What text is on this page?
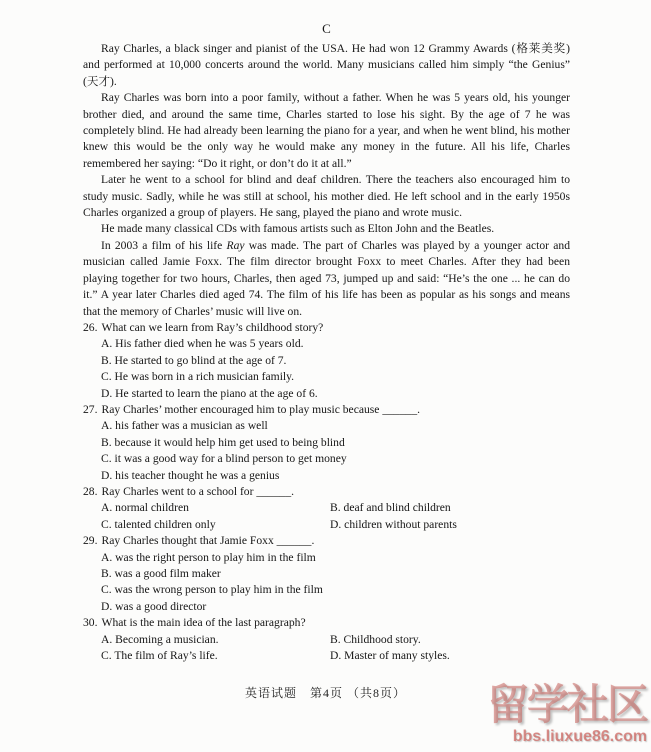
C

Ray Charles, a black singer and pianist of the USA. He had won 12 Grammy Awards (格莱美奖) and performed at 10,000 concerts around the world. Many musicians called him simply “the Genius” (天才).

Ray Charles was born into a poor family, without a father. When he was 5 years old, his younger brother died, and around the same time, Charles started to lose his sight. By the age of 7 he was completely blind. He had already been learning the piano for a year, and when he went blind, his mother knew this would be the only way he would make any money in the future. All his life, Charles remembered her saying: “Do it right, or don’t do it at all.”

Later he went to a school for blind and deaf children. There the teachers also encouraged him to study music. Sadly, while he was still at school, his mother died. He left school and in the early 1950s Charles organized a group of players. He sang, played the piano and wrote music.

He made many classical CDs with famous artists such as Elton John and the Beatles.

In 2003 a film of his life Ray was made. The part of Charles was played by a younger actor and musician called Jamie Foxx. The film director brought Foxx to meet Charles. After they had been playing together for two hours, Charles, then aged 73, jumped up and said: “He’s the one ... he can do it.” A year later Charles died aged 74. The film of his life has been as popular as his songs and means that the memory of Charles’ music will live on.

26. What can we learn from Ray’s childhood story?
A. His father died when he was 5 years old.
B. He started to go blind at the age of 7.
C. He was born in a rich musician family.
D. He started to learn the piano at the age of 6.
27. Ray Charles’ mother encouraged him to play music because ______.
A. his father was a musician as well
B. because it would help him get used to being blind
C. it was a good way for a blind person to get money
D. his teacher thought he was a genius
28. Ray Charles went to a school for ______.
A. normal children	B. deaf and blind children
C. talented children only	D. children without parents
29. Ray Charles thought that Jamie Foxx ______.
A. was the right person to play him in the film
B. was a good film maker
C. was the wrong person to play him in the film
D. was a good director
30. What is the main idea of the last paragraph?
A. Becoming a musician.	B. Childhood story.
C. The film of Ray’s life.	D. Master of many styles.
英语试题　第4页 （共8页）	留学社区
bbs.liuxue86.com
